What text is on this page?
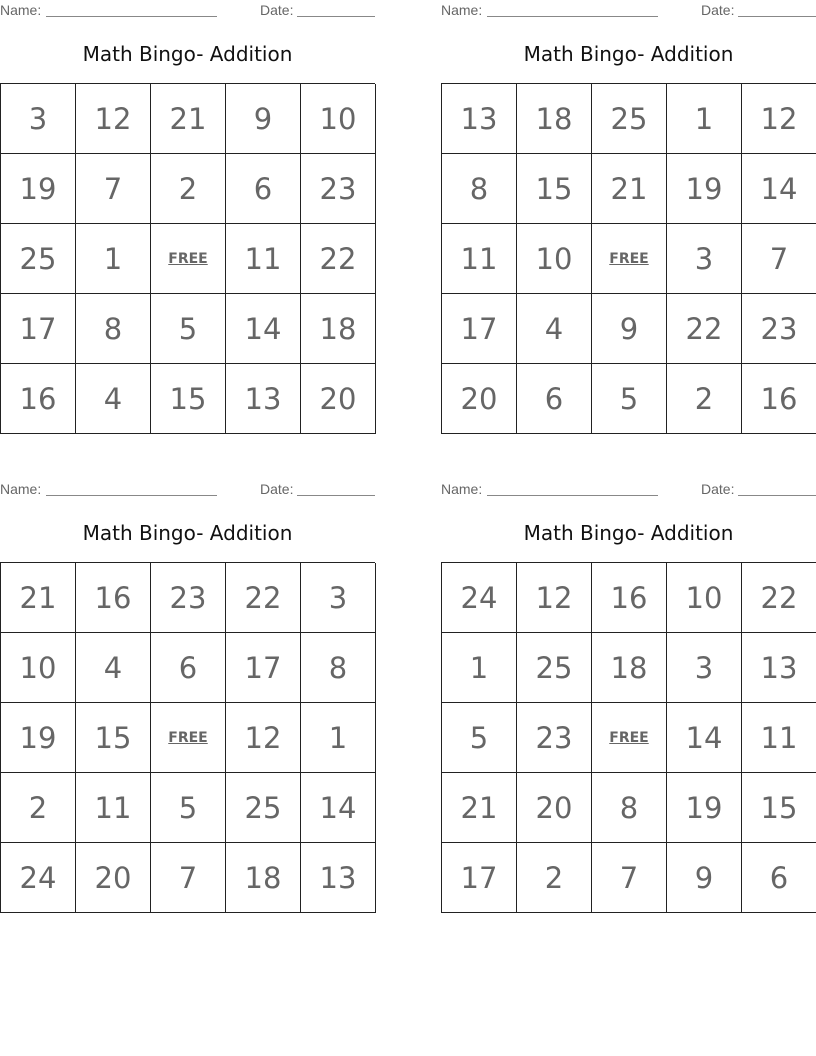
Name:	Date:
Math Bingo- Addition
3	12	21	9	10
19	7	2	6	23
25	1	FREE	11	22
17	8	5	14	18
16	4	15	13	20
Name:	Date:
Math Bingo- Addition
13	18	25	1	12
8	15	21	19	14
11	10	FREE	3	7
17	4	9	22	23
20	6	5	2	16
Name:	Date:
Math Bingo- Addition
21	16	23	22	3
10	4	6	17	8
19	15	FREE	12	1
2	11	5	25	14
24	20	7	18	13
Name:	Date:
Math Bingo- Addition
24	12	16	10	22
1	25	18	3	13
5	23	FREE	14	11
21	20	8	19	15
17	2	7	9	6
